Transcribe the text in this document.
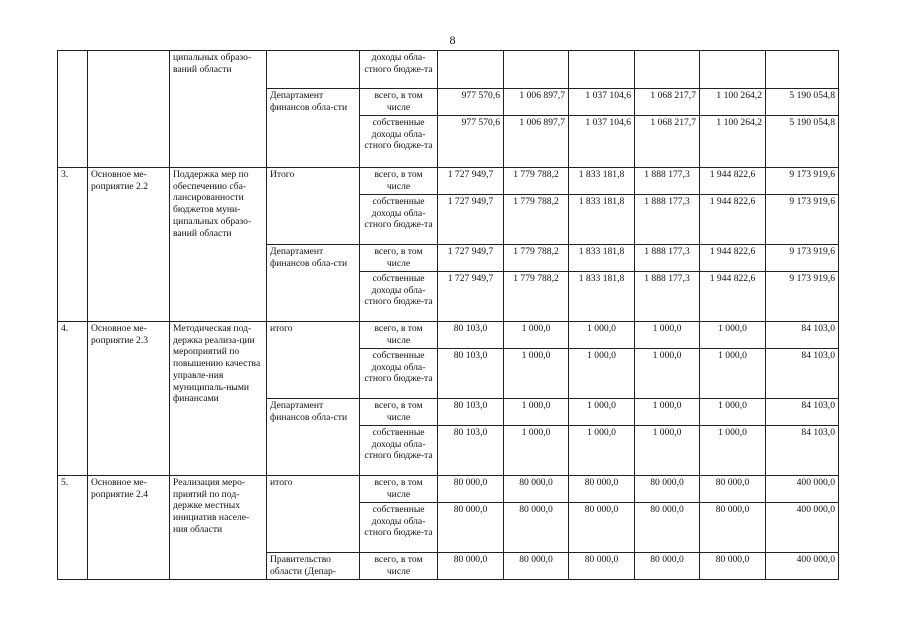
8
		ципальных образо-ваний области		доходы обла-стного бюдже-та						
			Департамент финансов обла-сти	всего, в том числе	977 570,6	1 006 897,7	1 037 104,6	1 068 217,7	1 100 264,2	5 190 054,8
				собственные доходы обла-стного бюдже-та	977 570,6	1 006 897,7	1 037 104,6	1 068 217,7	1 100 264,2	5 190 054,8
3.	Основное ме-роприятие 2.2	Поддержка мер по обеспечению сба-лансированности бюджетов муни-ципальных образо-ваний области	Итого	всего, в том числе	1 727 949,7	1 779 788,2	1 833 181,8	1 888 177,3	1 944 822,6	9 173 919,6
				собственные доходы обла-стного бюдже-та	1 727 949,7	1 779 788,2	1 833 181,8	1 888 177,3	1 944 822,6	9 173 919,6
			Департамент финансов обла-сти	всего, в том числе	1 727 949,7	1 779 788,2	1 833 181,8	1 888 177,3	1 944 822,6	9 173 919,6
				собственные доходы обла-стного бюдже-та	1 727 949,7	1 779 788,2	1 833 181,8	1 888 177,3	1 944 822,6	9 173 919,6
4.	Основное ме-роприятие 2.3	Методическая под-держка реализа-ции мероприятий по повышению качества управле-ния муниципаль-ными финансами	итого	всего, в том числе	80 103,0	1 000,0	1 000,0	1 000,0	1 000,0	84 103,0
				собственные доходы обла-стного бюдже-та	80 103,0	1 000,0	1 000,0	1 000,0	1 000,0	84 103,0
			Департамент финансов обла-сти	всего, в том числе	80 103,0	1 000,0	1 000,0	1 000,0	1 000,0	84 103,0
				собственные доходы обла-стного бюдже-та	80 103,0	1 000,0	1 000,0	1 000,0	1 000,0	84 103,0
5.	Основное ме-роприятие 2.4	Реализация меро-приятий по под-держке местных инициатив населе-ния области	итого	всего, в том числе	80 000,0	80 000,0	80 000,0	80 000,0	80 000,0	400 000,0
				собственные доходы обла-стного бюдже-та	80 000,0	80 000,0	80 000,0	80 000,0	80 000,0	400 000,0
			Правительство области (Депар-	всего, в том числе	80 000,0	80 000,0	80 000,0	80 000,0	80 000,0	400 000,0
